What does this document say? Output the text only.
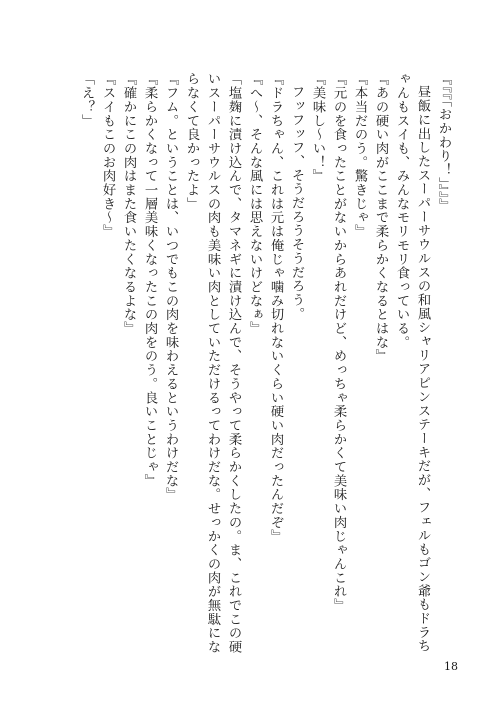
『『『「おかわり！」』』』

昼飯に出したスーパーサウルスの和風シャリアピンステーキだが、フェルもゴン爺もドラちゃんもスイも、みんなモリモリ食っている。

『あの硬い肉がここまで柔らかくなるとはな』

『本当だのう。驚きじゃ』

『元のを食ったことがないからあれだけど、めっちゃ柔らかくて美味い肉じゃんこれ』

『美味し〜い！』

フッフッフ、そうだろうそうだろう。

『ドラちゃん、これは元は俺じゃ噛み切れないくらい硬い肉だったんだぞ』

『へ〜、そんな風には思えないけどなぁ』

「塩麹に漬け込んで、タマネギに漬け込んで、そうやって柔らかくしたの。ま、これでこの硬いスーパーサウルスの肉も美味い肉としていただけるってわけだな。せっかくの肉が無駄にならなくて良かったよ」

『フム。ということは、いつでもこの肉を味わえるというわけだな』

『柔らかくなって一層美味くなったこの肉をのう。良いことじゃ』

『確かにこの肉はまた食いたくなるよな』

『スイもこのお肉好き〜』

「え？」

18
